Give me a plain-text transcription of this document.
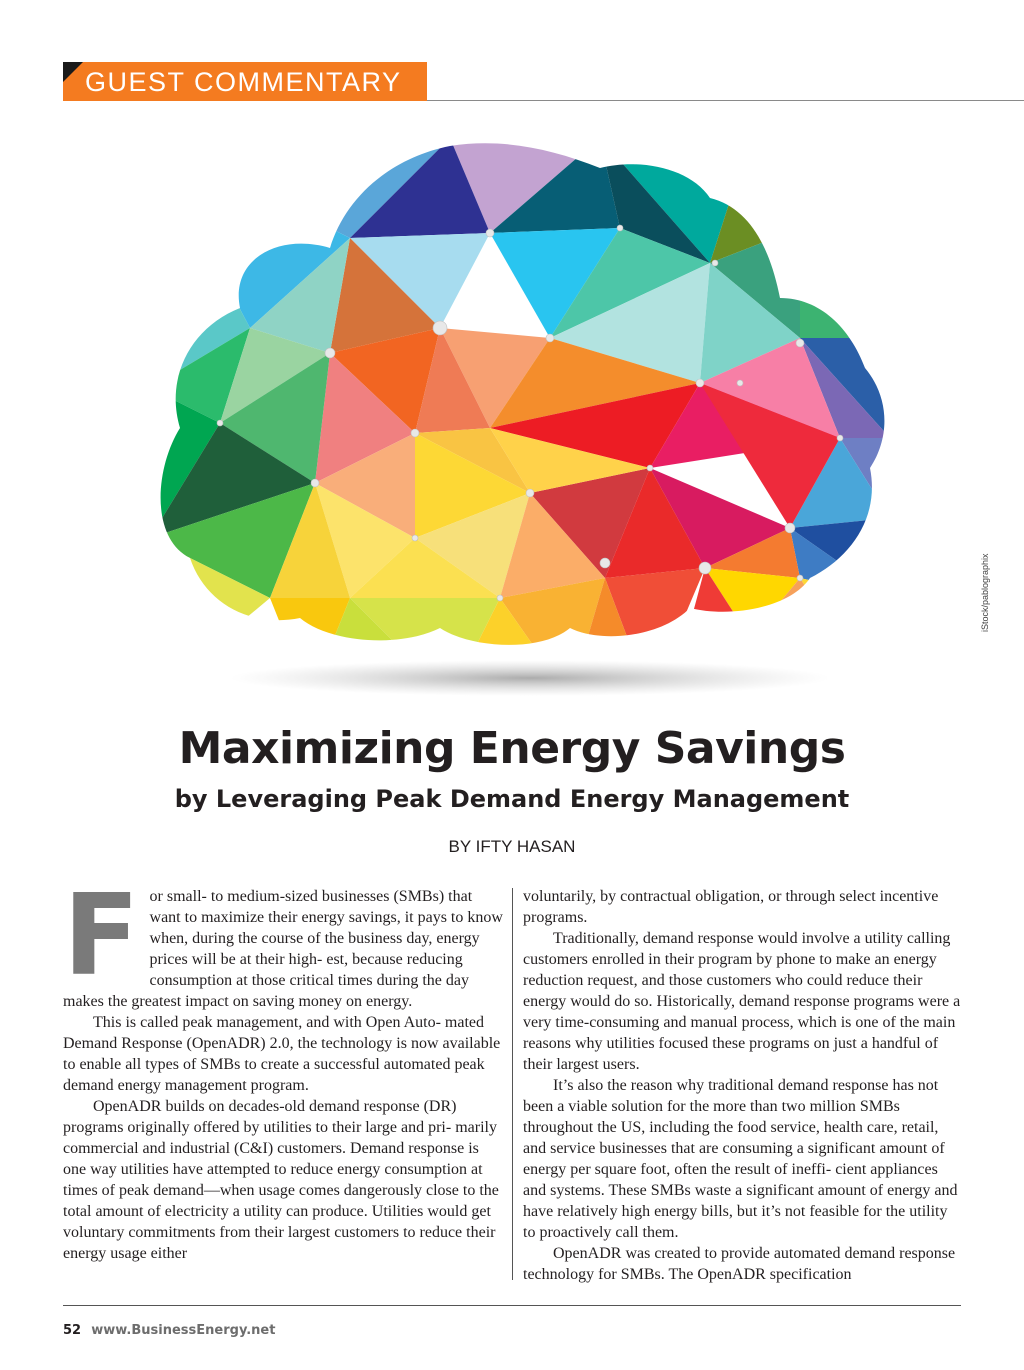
GUEST COMMENTARY
iStock/pablographix
Maximizing Energy Savings
by Leveraging Peak Demand Energy Management
BY IFTY HASAN

For small- to medium-sized businesses (SMBs) that want to maximize their energy savings, it pays to know when, during the course of the business day, energy prices will be at their high- est, because reducing consumption at those critical times during the day makes the greatest impact on saving money on energy.

This is called peak management, and with Open Auto- mated Demand Response (OpenADR) 2.0, the technology is now available to enable all types of SMBs to create a successful automated peak demand energy management program.

OpenADR builds on decades-old demand response (DR) programs originally offered by utilities to their large and pri- marily commercial and industrial (C&I) customers. Demand response is one way utilities have attempted to reduce energy consumption at times of peak demand—when usage comes dangerously close to the total amount of electricity a utility can produce. Utilities would get voluntary commitments from their largest customers to reduce their energy usage either

voluntarily, by contractual obligation, or through select incentive programs.

Traditionally, demand response would involve a utility calling customers enrolled in their program by phone to make an energy reduction request, and those customers who could reduce their energy would do so. Historically, demand response programs were a very time-consuming and manual process, which is one of the main reasons why utilities focused these programs on just a handful of their largest users.

It’s also the reason why traditional demand response has not been a viable solution for the more than two million SMBs throughout the US, including the food service, health care, retail, and service businesses that are consuming a significant amount of energy per square foot, often the result of ineffi- cient appliances and systems. These SMBs waste a significant amount of energy and have relatively high energy bills, but it’s not feasible for the utility to proactively call them.

OpenADR was created to provide automated demand response technology for SMBs. The OpenADR specification

52 www.BusinessEnergy.net
